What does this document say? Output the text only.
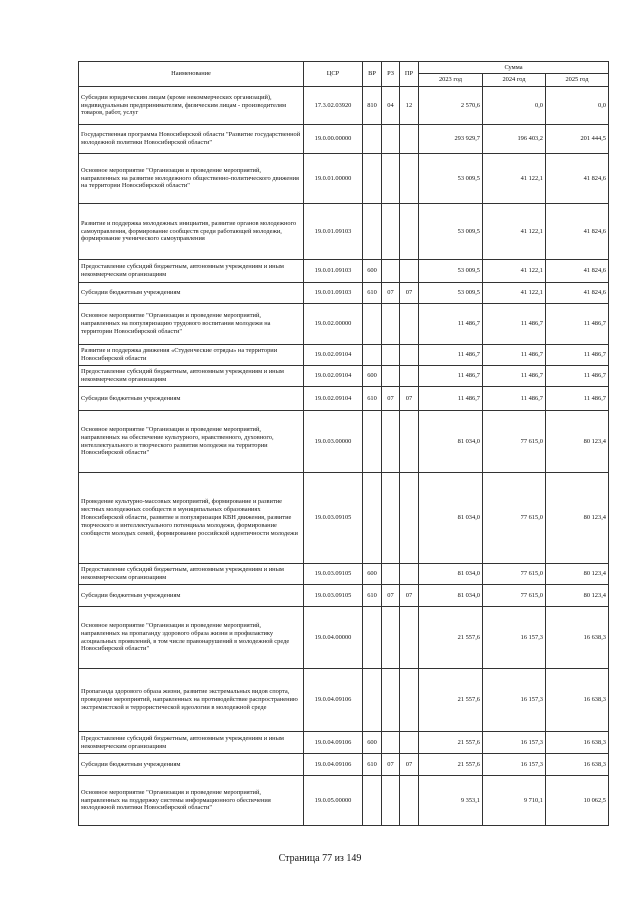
Наименование	ЦСР	ВР	РЗ	ПР	Сумма		
					2023 год	2024 год	2025 год
Субсидии юридическим лицам (кроме некоммерческих организаций), индивидуальным предпринимателям, физическим лицам - производителям товаров, работ, услуг	17.3.02.03920	810	04	12	2 570,6	0,0	0,0
Государственная программа Новосибирской области "Развитие государственной молодежной политики Новосибирской области"	19.0.00.00000				293 929,7	196 403,2	201 444,5
Основное мероприятие "Организация и проведение мероприятий, направленных на развитие молодежного общественно-политического движения на территории Новосибирской области"	19.0.01.00000				53 009,5	41 122,1	41 824,6
Развитие и поддержка молодежных инициатив, развитие органов молодежного самоуправления, формирование сообществ среди работающей молодежи, формирование ученического самоуправления	19.0.01.09103				53 009,5	41 122,1	41 824,6
Предоставление субсидий бюджетным, автономным учреждениям и иным некоммерческим организациям	19.0.01.09103	600			53 009,5	41 122,1	41 824,6
Субсидии бюджетным учреждениям	19.0.01.09103	610	07	07	53 009,5	41 122,1	41 824,6
Основное мероприятие "Организация и проведение мероприятий, направленных на популяризацию трудового воспитания молодежи на территории Новосибирской области"	19.0.02.00000				11 486,7	11 486,7	11 486,7
Развитие и поддержка движения «Студенческие отряды» на территории Новосибирской области	19.0.02.09104				11 486,7	11 486,7	11 486,7
Предоставление субсидий бюджетным, автономным учреждениям и иным некоммерческим организациям	19.0.02.09104	600			11 486,7	11 486,7	11 486,7
Субсидии бюджетным учреждениям	19.0.02.09104	610	07	07	11 486,7	11 486,7	11 486,7
Основное мероприятие "Организация и проведение мероприятий, направленных на обеспечение культурного, нравственного, духовного, интеллектуального и творческого развития молодежи на территории Новосибирской области"	19.0.03.00000				81 034,0	77 615,0	80 123,4
Проведение культурно-массовых мероприятий, формирование и развитие местных молодежных сообществ в муниципальных образованиях Новосибирской области, развитие и популяризация КВН движения, развитие творческого и интеллектуального потенциала молодежи, формирование сообществ молодых семей, формирование российской идентичности молодежи	19.0.03.09105				81 034,0	77 615,0	80 123,4
Предоставление субсидий бюджетным, автономным учреждениям и иным некоммерческим организациям	19.0.03.09105	600			81 034,0	77 615,0	80 123,4
Субсидии бюджетным учреждениям	19.0.03.09105	610	07	07	81 034,0	77 615,0	80 123,4
Основное мероприятие "Организация и проведение мероприятий, направленных на пропаганду здорового образа жизни и профилактику асоциальных проявлений, в том числе правонарушений в молодежной среде Новосибирской области"	19.0.04.00000				21 557,6	16 157,3	16 638,3
Пропаганда здорового образа жизни, развитие экстремальных видов спорта, проведение мероприятий, направленных на противодействие распространению экстремистской и террористической идеологии в молодежной среде	19.0.04.09106				21 557,6	16 157,3	16 638,3
Предоставление субсидий бюджетным, автономным учреждениям и иным некоммерческим организациям	19.0.04.09106	600			21 557,6	16 157,3	16 638,3
Субсидии бюджетным учреждениям	19.0.04.09106	610	07	07	21 557,6	16 157,3	16 638,3
Основное мероприятие "Организация и проведение мероприятий, направленных на поддержку системы информационного обеспечения молодежной политики Новосибирской области"	19.0.05.00000				9 353,1	9 710,1	10 062,5
Страница 77 из 149
